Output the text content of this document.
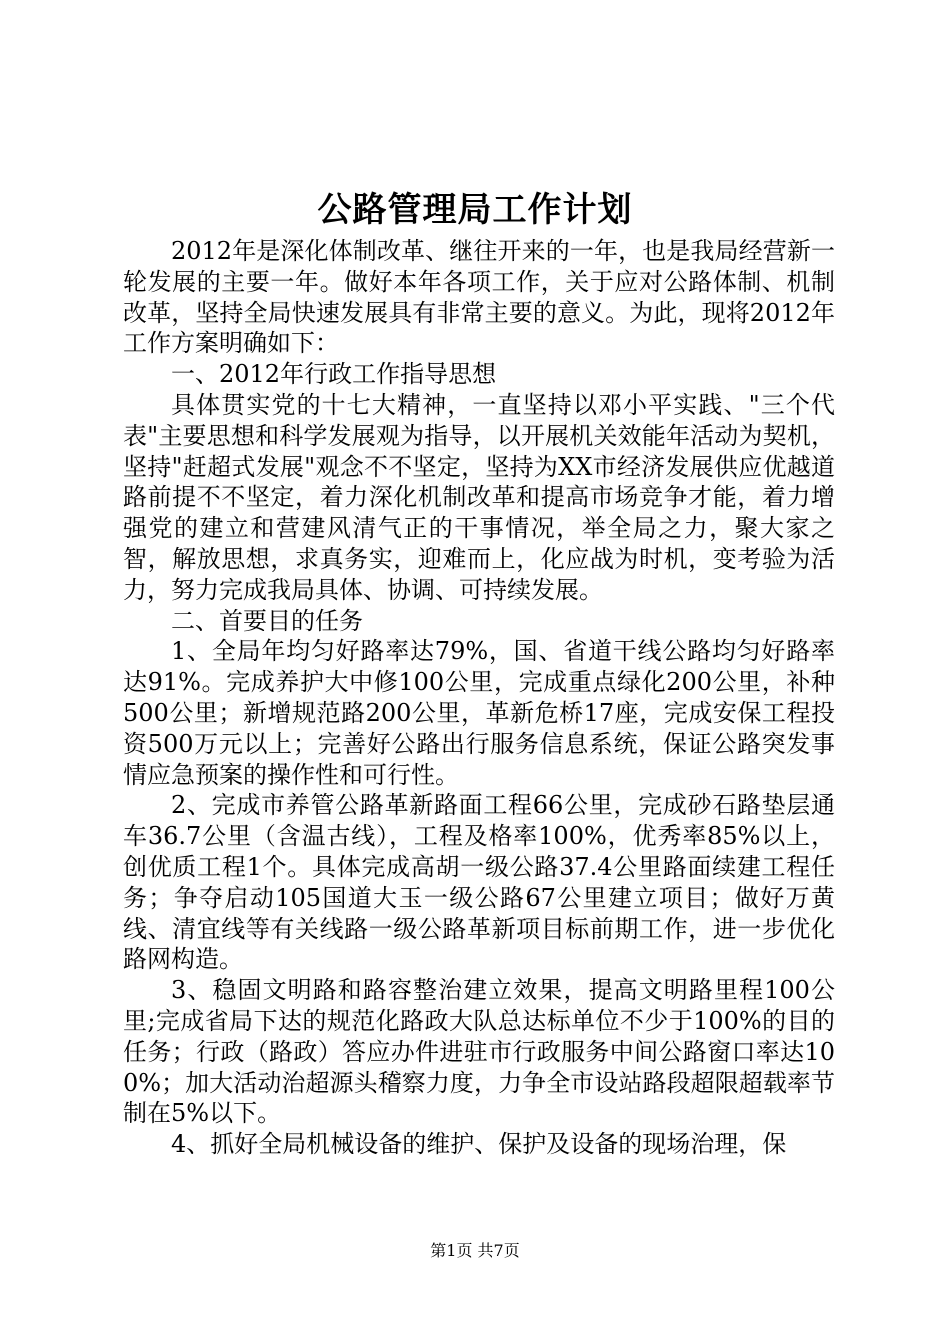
公路管理局工作计划

2012年是深化体制改革、继往开来的一年，也是我局经营新一轮发展的主要一年。做好本年各项工作，关于应对公路体制、机制改革，坚持全局快速发展具有非常主要的意义。为此，现将2012年工作方案明确如下：

一、2012年行政工作指导思想

具体贯实党的十七大精神，一直坚持以邓小平实践、"三个代表"主要思想和科学发展观为指导，以开展机关效能年活动为契机，坚持"赶超式发展"观念不不坚定，坚持为XX市经济发展供应优越道路前提不不坚定，着力深化机制改革和提高市场竞争才能，着力增强党的建立和营建风清气正的干事情况，举全局之力，聚大家之智，解放思想，求真务实，迎难而上，化应战为时机，变考验为活力，努力完成我局具体、协调、可持续发展。

二、首要目的任务

1、全局年均匀好路率达79%，国、省道干线公路均匀好路率达91%。完成养护大中修100公里，完成重点绿化200公里，补种500公里；新增规范路200公里，革新危桥17座，完成安保工程投资500万元以上；完善好公路出行服务信息系统，保证公路突发事情应急预案的操作性和可行性。

2、完成市养管公路革新路面工程66公里，完成砂石路垫层通车36.7公里（含温古线），工程及格率100%，优秀率85%以上，创优质工程1个。具体完成高胡一级公路37.4公里路面续建工程任务；争夺启动105国道大玉一级公路67公里建立项目；做好万黄线、清宜线等有关线路一级公路革新项目标前期工作，进一步优化路网构造。

3、稳固文明路和路容整治建立效果，提高文明路里程100公里;完成省局下达的规范化路政大队总达标单位不少于100%的目的任务；行政（路政）答应办件进驻市行政服务中间公路窗口率达100%；加大活动治超源头稽察力度，力争全市设站路段超限超载率节制在5%以下。

4、抓好全局机械设备的维护、保护及设备的现场治理，保

第1页 共7页
